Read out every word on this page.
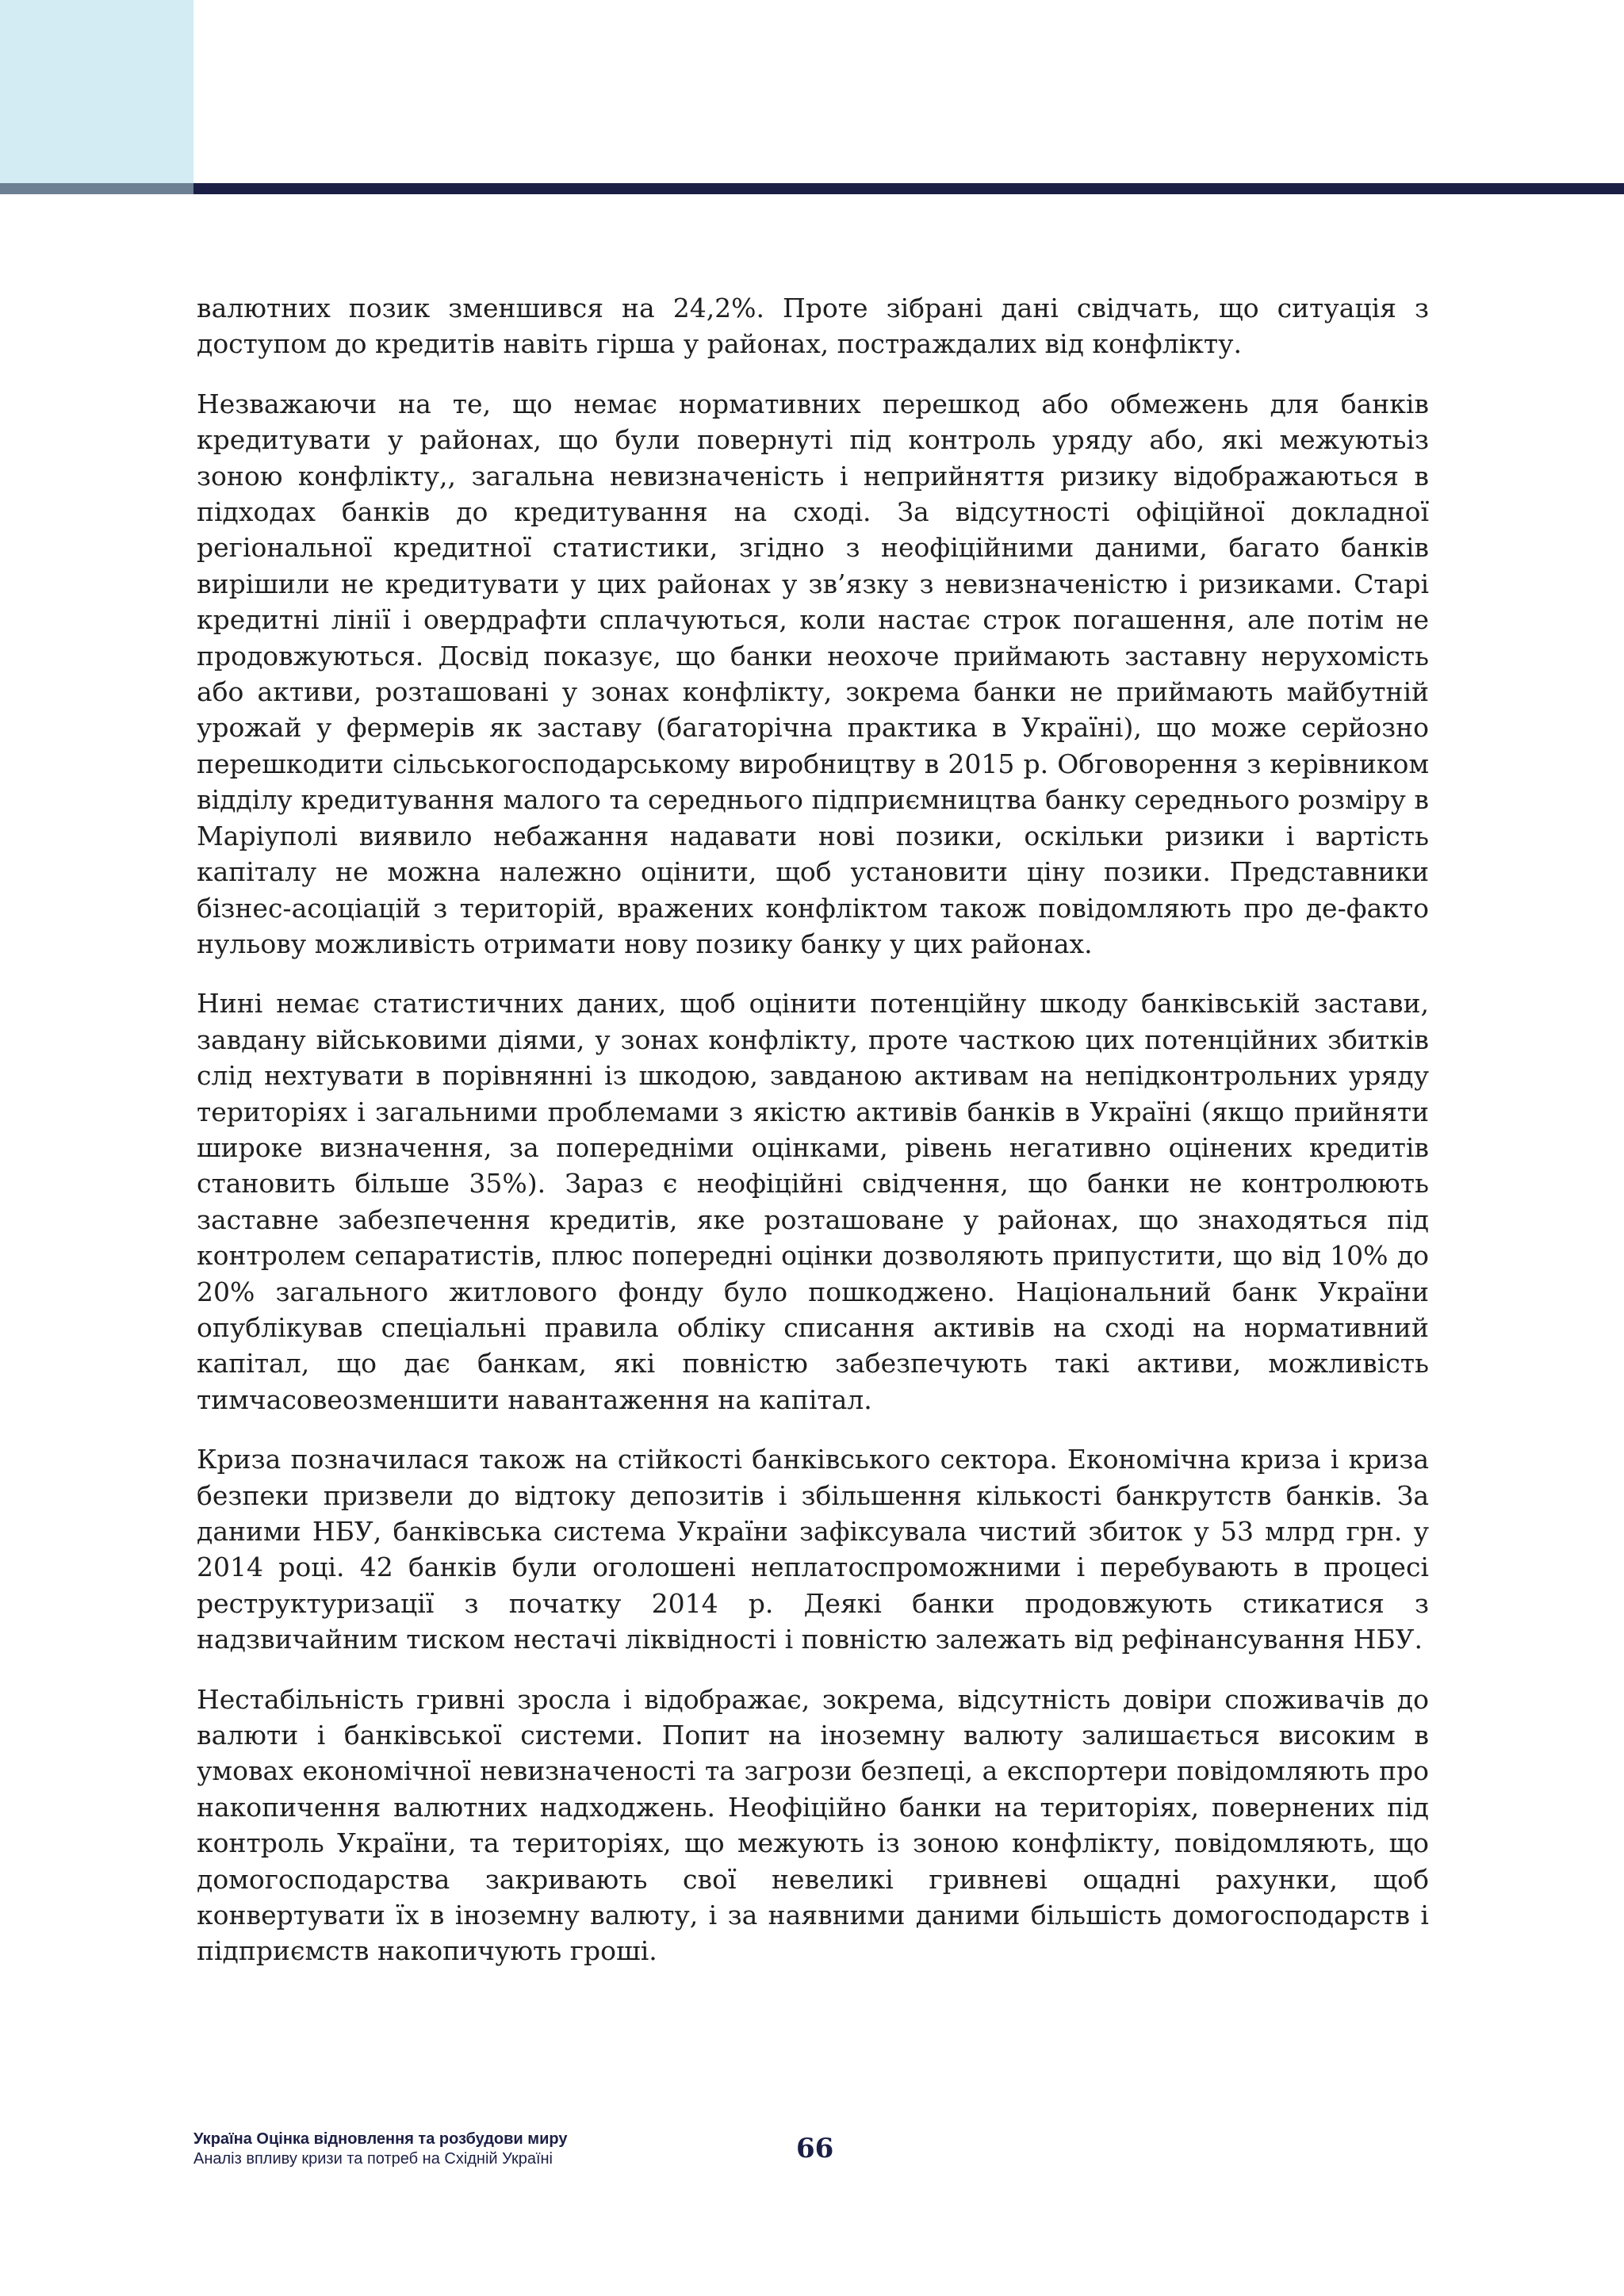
валютних позик зменшився на 24,2%. Проте зібрані дані свідчать, що ситуація з доступом до кредитів навіть гірша у районах, постраждалих від конфлікту.

Незважаючи на те, що немає нормативних перешкод або обмежень для банків кредитувати у районах, що були повернуті під контроль уряду або, які межуютьіз зоною конфлікту,, загальна невизначеність і неприйняття ризику відображаються в підходах банків до кредитування на сході. За відсутності офіційної докладної регіональної кредитної статистики, згідно з неофіційними даними, багато банків вирішили не кредитувати у цих районах у зв’язку з невизначеністю і ризиками. Старі кредитні лінії і овердрафти сплачуються, коли настає строк погашення, але потім не продовжуються. Досвід показує, що банки неохоче приймають заставну нерухомість або активи, розташовані у зонах конфлікту, зокрема банки не приймають майбутній урожай у фермерів як заставу (багаторічна практика в Україні), що може серйозно перешкодити сільськогосподарському виробництву в 2015 р. Обговорення з керівником відділу кредитування малого та середнього підприємництва банку середнього розміру в Маріуполі виявило небажання надавати нові позики, оскільки ризики і вартість капіталу не можна належно оцінити, щоб установити ціну позики. Представники бізнес-асоціацій з територій, вражених конфліктом також повідомляють про де-факто нульову можливість отримати нову позику банку у цих районах.

Нині немає статистичних даних, щоб оцінити потенційну шкоду банківській застави, завдану військовими діями, у зонах конфлікту, проте часткою цих потенційних збитків слід нехтувати в порівнянні із шкодою, завданою активам на непідконтрольних уряду територіях і загальними проблемами з якістю активів банків в Україні (якщо прийняти широке визначення, за попередніми оцінками, рівень негативно оцінених кредитів становить більше 35%). Зараз є неофіційні свідчення, що банки не контролюють заставне забезпечення кредитів, яке розташоване у районах, що знаходяться під контролем сепаратистів, плюс попередні оцінки дозволяють припустити, що від 10% до 20% загального житлового фонду було пошкоджено. Національний банк України опублікував спеціальні правила обліку списання активів на сході на нормативний капітал, що дає банкам, які повністю забезпечують такі активи, можливість тимчасовеозменшити навантаження на капітал.

Криза позначилася також на стійкості банківського сектора. Економічна криза і криза безпеки призвели до відтоку депозитів і збільшення кількості банкрутств банків. За даними НБУ, банківська система України зафіксувала чистий збиток у 53 млрд грн. у 2014 році. 42 банків були оголошені неплатоспроможними і перебувають в процесі реструктуризації з початку 2014 р. Деякі банки продовжують стикатися з надзвичайним тиском нестачі ліквідності і повністю залежать від рефінансування НБУ.

Нестабільність гривні зросла і відображає, зокрема, відсутність довіри споживачів до валюти і банківської системи. Попит на іноземну валюту залишається високим в умовах економічної невизначеності та загрози безпеці, а експортери повідомляють про накопичення валютних надходжень. Неофіційно банки на територіях, повернених під контроль України, та територіях, що межують із зоною конфлікту, повідомляють, що домогосподарства закривають свої невеликі гривневі ощадні рахунки, щоб конвертувати їх в іноземну валюту, і за наявними даними більшість домогосподарств і підприємств накопичують гроші.

Україна Оцінка відновлення та розбудови миру
Аналіз впливу кризи та потреб на Східній Україні	66
